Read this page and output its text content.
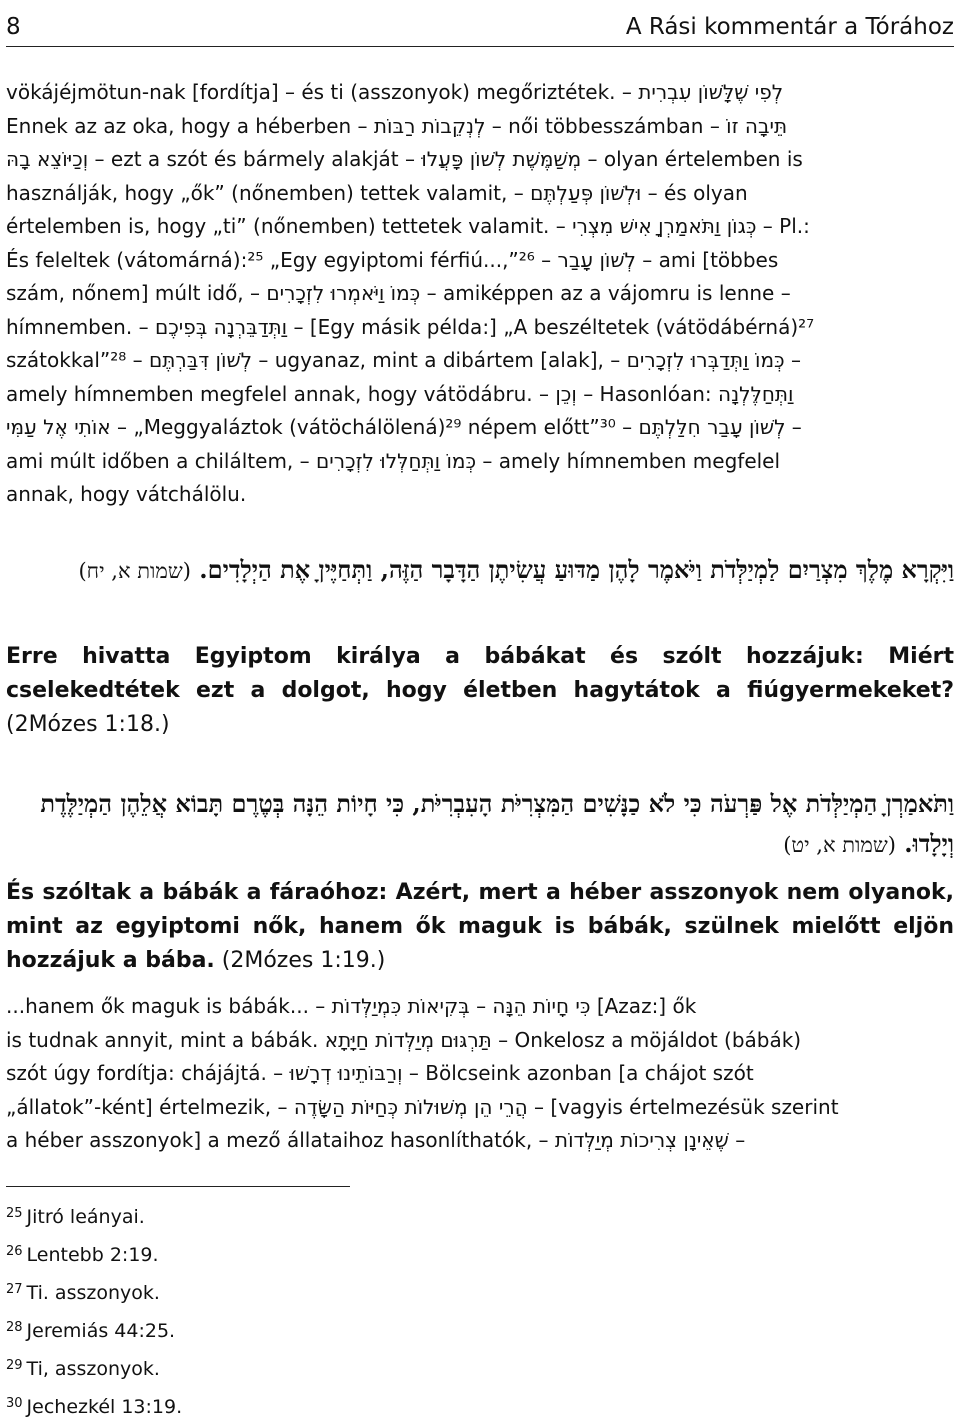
8	A Rási kommentár a Tórához
vökájéjmötun-nak [fordítja] – és ti (asszonyok) megőriztétek. – לְפִי שֶׁלָּשׁוֹן עִבְרִית
Ennek az az oka, hogy a héberben – לְנְקֵבוֹת רַבּוֹת – női többesszámban – תֵּיבָה זוֹ
וְכַיּוֹצֵא בָהּ – ezt a szót és bármely alakját – מְשַׁמֶּשֶׁת לְשׁוֹן פָּעֲלוּ – olyan értelemben is
használják, hogy „ők” (nőnemben) tettek valamit, – וּלְשׁוֹן פְּעַלְתֶּם – és olyan
értelemben is, hogy „ti” (nőnemben) tettetek valamit. – כְּגוֹן וַתֹּאמַרְןָ אִישׁ מִצְרִי – Pl.:
És feleltek (vátomárná):²⁵ „Egy egyiptomi férfiú...,”²⁶ – לְשׁוֹן עָבַר – ami [többes
szám, nőnem] múlt idő, – כְּמוֹ וַיֹּאמְרוּ לִזְכָרִים – amiképpen az a vájomru is lenne –
hímnemben. – וַתְּדַבֵּרְנָה בְּפִיכֶם – [Egy másik példa:] „A beszéltetek (vátödábérná)²⁷
szátokkal”²⁸ – לְשׁוֹן דִּבַּרְתֶּם – ugyanaz, mint a dibártem [alak], – כְּמוֹ וַתְּדַבְּרוּ לִזְכָרִים –
amely hímnemben megfelel annak, hogy vátödábru. – וְכֵן – Hasonlóan: וַתְּחַלֶּלְנָה
אוֹתִי אֶל עַמִּי – „Meggyaláztok (vátöchálölená)²⁹ népem előtt”³⁰ – לְשׁוֹן עָבַר חִלַּלְתֶּם –
ami múlt időben a chiláltem, – כְּמוֹ וַתְּחַלְּלוּ לִזְכָרִים – amely hímnemben megfelel
annak, hogy vátchálölu.
וַיִּקְרָא מֶלֶךְ מִצְרַיִם לַמְיַלְּדֹת וַיֹּאמֶר לָהֶן מַדּוּעַ עֲשִׂיתֶן הַדָּבָר הַזֶּה, וַתְּחַיֶּיןָ אֶת הַיְלָדִים. (שמות א, יח)
Erre hivatta Egyiptom királya a bábákat és szólt hozzájuk: Miért cselekedtétek ezt a dolgot, hogy életben hagytátok a fiúgyermekeket? (2Mózes 1:18.)
וַתֹּאמַרְןָ הַמְיַלְּדֹת אֶל פַּרְעֹה כִּי לֹא כַנָּשִׁים הַמִּצְרִיֹּת הָעִבְרִיֹּת, כִּי חָיוֹת הֵנָּה בְּטֶרֶם תָּבוֹא אֲלֵהֶן הַמְיַלֶּדֶת וְיָלָדוּ. (שמות א, יט)
És szóltak a bábák a fáraóhoz: Azért, mert a héber asszonyok nem olyanok, mint az egyiptomi nők, hanem ők maguk is bábák, szülnek mielőtt eljön hozzájuk a bába. (2Mózes 1:19.)
...hanem ők maguk is bábák... – כִּי חָיוֹת הֵנָּה – בְּקִיאוֹת כִּמְיַלְּדוֹת [Azaz:] ők
is tudnak annyit, mint a bábák. תַּרְגּוּם מְיַלְּדוֹת חַיָּתָא – Onkelosz a möjáldot (bábák)
szót úgy fordítja: chájájtá. – וְרַבּוֹתֵינוּ דְרָשׁוּ – Bölcseink azonban [a chájot szót
„állatok”-ként] értelmezik, – הֲרֵי הֵן מְשׁוּלוֹת כְּחַיּוֹת הַשָּׂדֶה – [vagyis értelmezésük szerint
a héber asszonyok] a mező állataihoz hasonlíthatók, – שֶׁאֵינָן צְרִיכוֹת מְיַלְּדוֹת –
$^{25}$ Jitró leányai.
$^{26}$ Lentebb 2:19.
$^{27}$ Ti. asszonyok.
$^{28}$ Jeremiás 44:25.
$^{29}$ Ti, asszonyok.
$^{30}$ Jechezkél 13:19.
